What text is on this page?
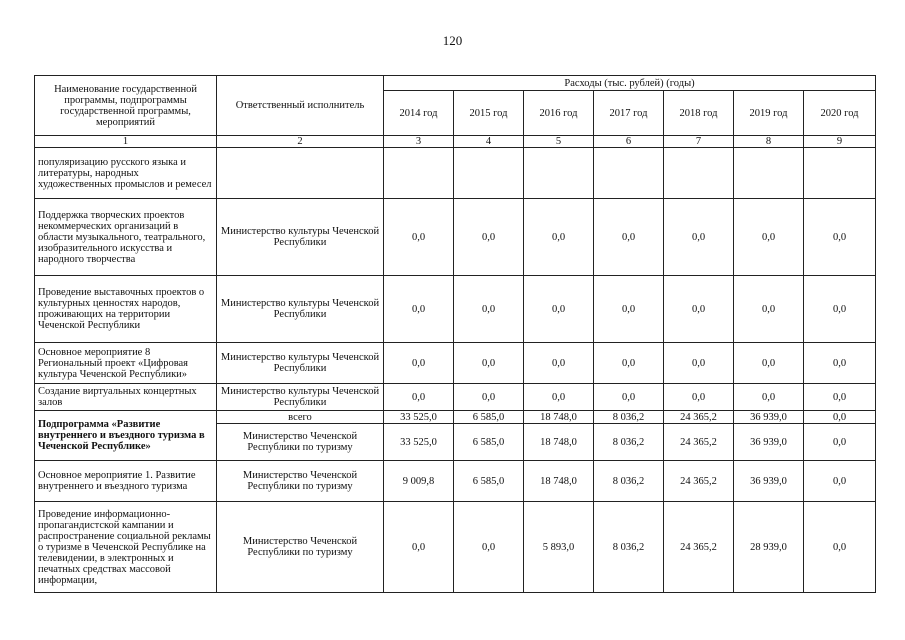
120
Наименование государственной программы, подпрограммы государственной программы, мероприятий	Ответственный исполнитель	Расходы (тыс. рублей) (годы)						
		2014 год	2015 год	2016 год	2017 год	2018 год	2019 год	2020 год
1	2	3	4	5	6	7	8	9
популяризацию русского языка и литературы, народных художественных промыслов и ремесел								
Поддержка творческих проектов некоммерческих организаций в области музыкального, театрального, изобразительного искусства и народного творчества	Министерство культуры Чеченской Республики	0,0	0,0	0,0	0,0	0,0	0,0	0,0
Проведение выставочных проектов о культурных ценностях народов, проживающих на территории Чеченской Республики	Министерство культуры Чеченской Республики	0,0	0,0	0,0	0,0	0,0	0,0	0,0
Основное мероприятие 8 Региональный проект «Цифровая культура Чеченской Республики»	Министерство культуры Чеченской Республики	0,0	0,0	0,0	0,0	0,0	0,0	0,0
Создание виртуальных концертных залов	Министерство культуры Чеченской Республики	0,0	0,0	0,0	0,0	0,0	0,0	0,0
Подпрограмма «Развитие внутреннего и въездного туризма в Чеченской Республике»	всего	33 525,0	6 585,0	18 748,0	8 036,2	24 365,2	36 939,0	0,0
	Министерство Чеченской Республики по туризму	33 525,0	6 585,0	18 748,0	8 036,2	24 365,2	36 939,0	0,0
Основное мероприятие 1. Развитие внутреннего и въездного туризма	Министерство Чеченской Республики по туризму	9 009,8	6 585,0	18 748,0	8 036,2	24 365,2	36 939,0	0,0
Проведение информационно-пропагандистской кампании и распространение социальной рекламы о туризме в Чеченской Республике на телевидении, в электронных и печатных средствах массовой информации,	Министерство Чеченской Республики по туризму	0,0	0,0	5 893,0	8 036,2	24 365,2	28 939,0	0,0
